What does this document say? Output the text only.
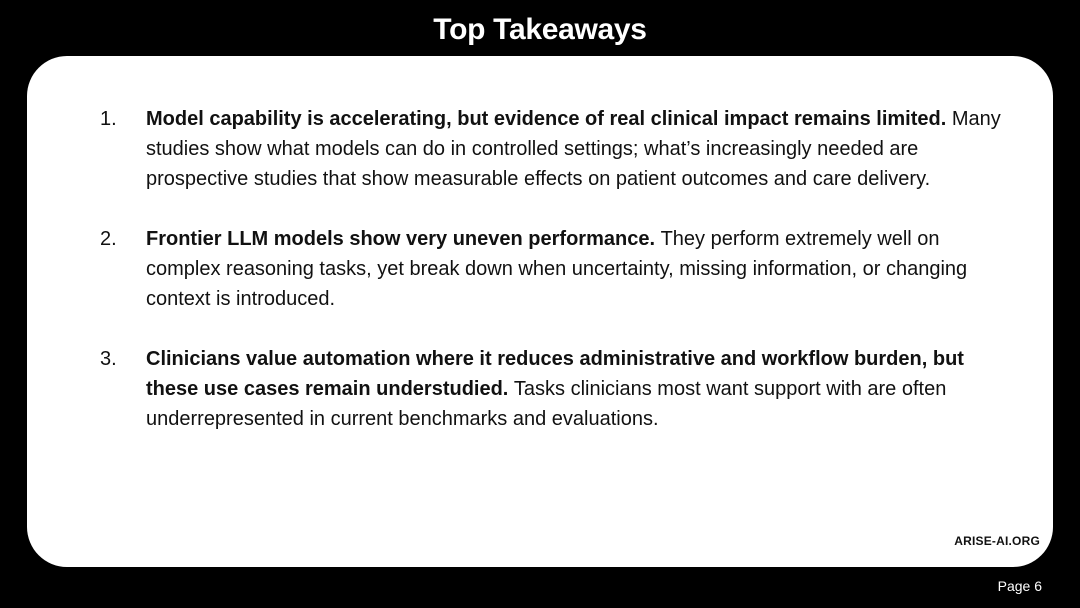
Top Takeaways
1. Model capability is accelerating, but evidence of real clinical impact remains limited. Many studies show what models can do in controlled settings; what’s increasingly needed are prospective studies that show measurable effects on patient outcomes and care delivery.
2. Frontier LLM models show very uneven performance. They perform extremely well on complex reasoning tasks, yet break down when uncertainty, missing information, or changing context is introduced.
3. Clinicians value automation where it reduces administrative and workflow burden, but these use cases remain understudied. Tasks clinicians most want support with are often underrepresented in current benchmarks and evaluations.
ARISE-AI.ORG
Page 6
